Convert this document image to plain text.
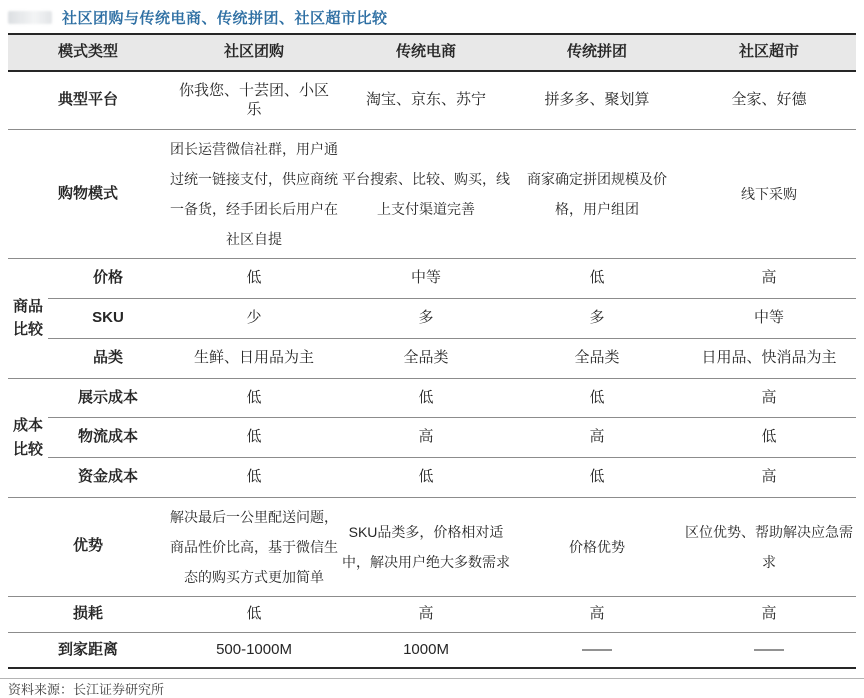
社区团购与传统电商、传统拼团、社区超市比较
模式类型		社区团购	传统电商	传统拼团	社区超市
典型平台		你我您、十芸团、小区乐	淘宝、京东、苏宁	拼多多、聚划算	全家、好德
购物模式		团长运营微信社群，用户通过统一链接支付，供应商统一备货，经手团长后用户在社区自提	平台搜索、比较、购买，线上支付渠道完善	商家确定拼团规模及价格，用户组团	线下采购
商品比较	价格	低	中等	低	高
	SKU	少	多	多	中等
	品类	生鲜、日用品为主	全品类	全品类	日用品、快消品为主
成本比较	展示成本	低	低	低	高
	物流成本	低	高	高	低
	资金成本	低	低	低	高
优势		解决最后一公里配送问题，商品性价比高，基于微信生态的购买方式更加简单	SKU品类多，价格相对适中，解决用户绝大多数需求	价格优势	区位优势、帮助解决应急需求
损耗		低	高	高	高
到家距离		500-1000M	1000M	——	——
资料来源：长江证券研究所
